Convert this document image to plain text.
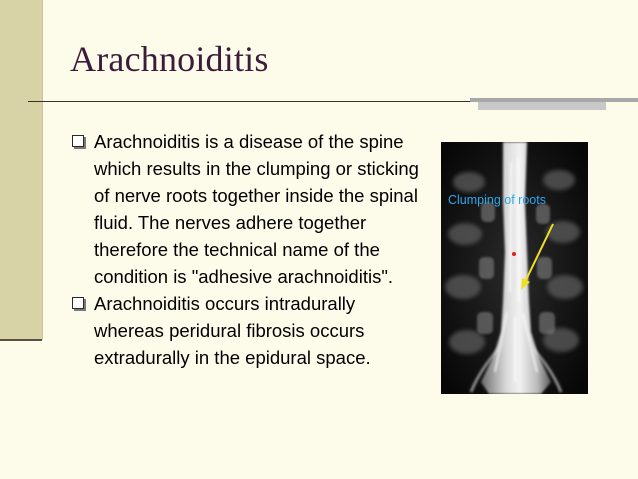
Arachnoiditis
Arachnoiditis is a disease of the spine which results in the clumping or sticking of nerve roots together inside the spinal fluid. The nerves adhere together therefore the technical name of the condition is "adhesive arachnoiditis".
Arachnoiditis occurs intradurally whereas peridural fibrosis occurs extradurally in the epidural space.
Clumping of roots
